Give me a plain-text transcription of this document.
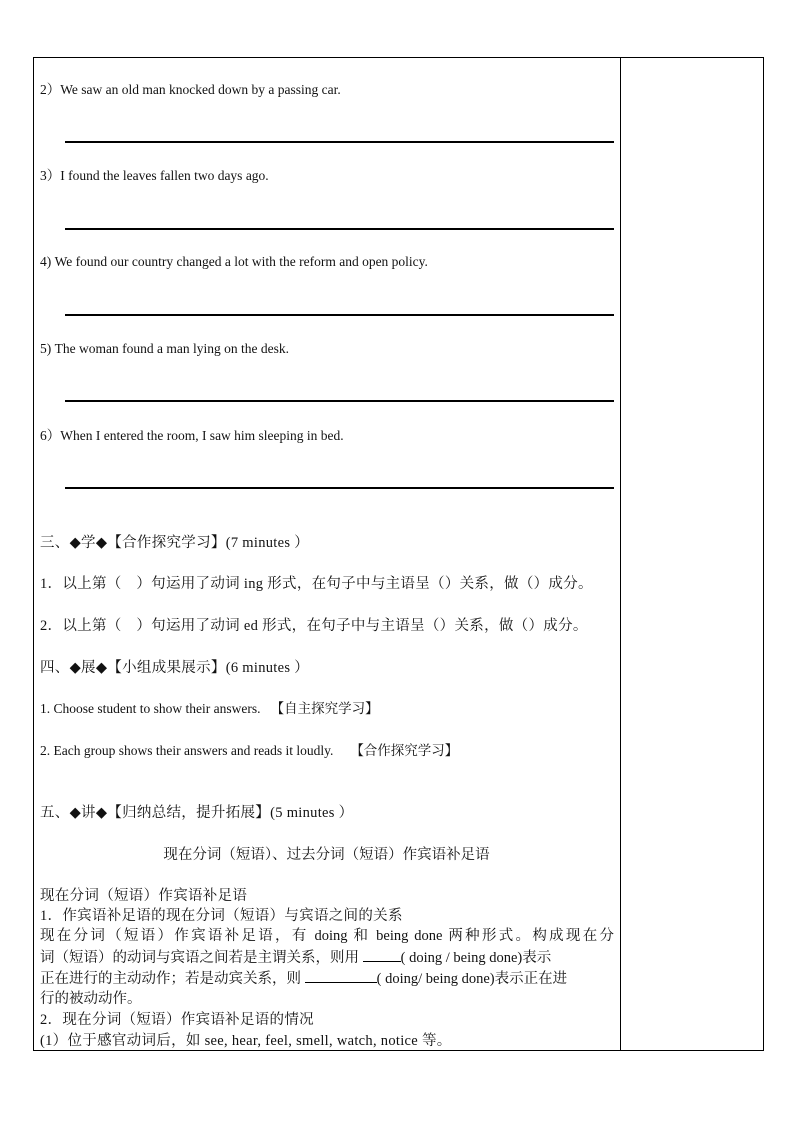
2）We saw an old man knocked down by a passing car.
3）I found the leaves fallen two days ago.
4) We found our country changed a lot with the reform and open policy.
5) The woman found a man lying on the desk.
6）When I entered the room, I saw him sleeping in bed.
三、◆学◆【合作探究学习】(7 minutes ）
1．以上第（　）句运用了动词 ing 形式，在句子中与主语呈（）关系，做（）成分。
2．以上第（　）句运用了动词 ed 形式，在句子中与主语呈（）关系，做（）成分。
四、◆展◆【小组成果展示】(6 minutes ）
1. Choose student to show their answers. 【自主探究学习】
2. Each group shows their answers and reads it loudly. 【合作探究学习】
五、◆讲◆【归纳总结，提升拓展】(5 minutes ）
现在分词（短语）、过去分词（短语）作宾语补足语
现在分词（短语）作宾语补足语
1．作宾语补足语的现在分词（短语）与宾语之间的关系
现在分词（短语）作宾语补足语，有 doing 和 being done 两种形式。构成现在分
词（短语）的动词与宾语之间若是主谓关系，则用	( doing / being done)表示
正在进行的主动动作；若是动宾关系，则	( doing/ being done)表示正在进
行的被动动作。
2．现在分词（短语）作宾语补足语的情况
(1）位于感官动词后，如 see, hear, feel, smell, watch, notice 等。
